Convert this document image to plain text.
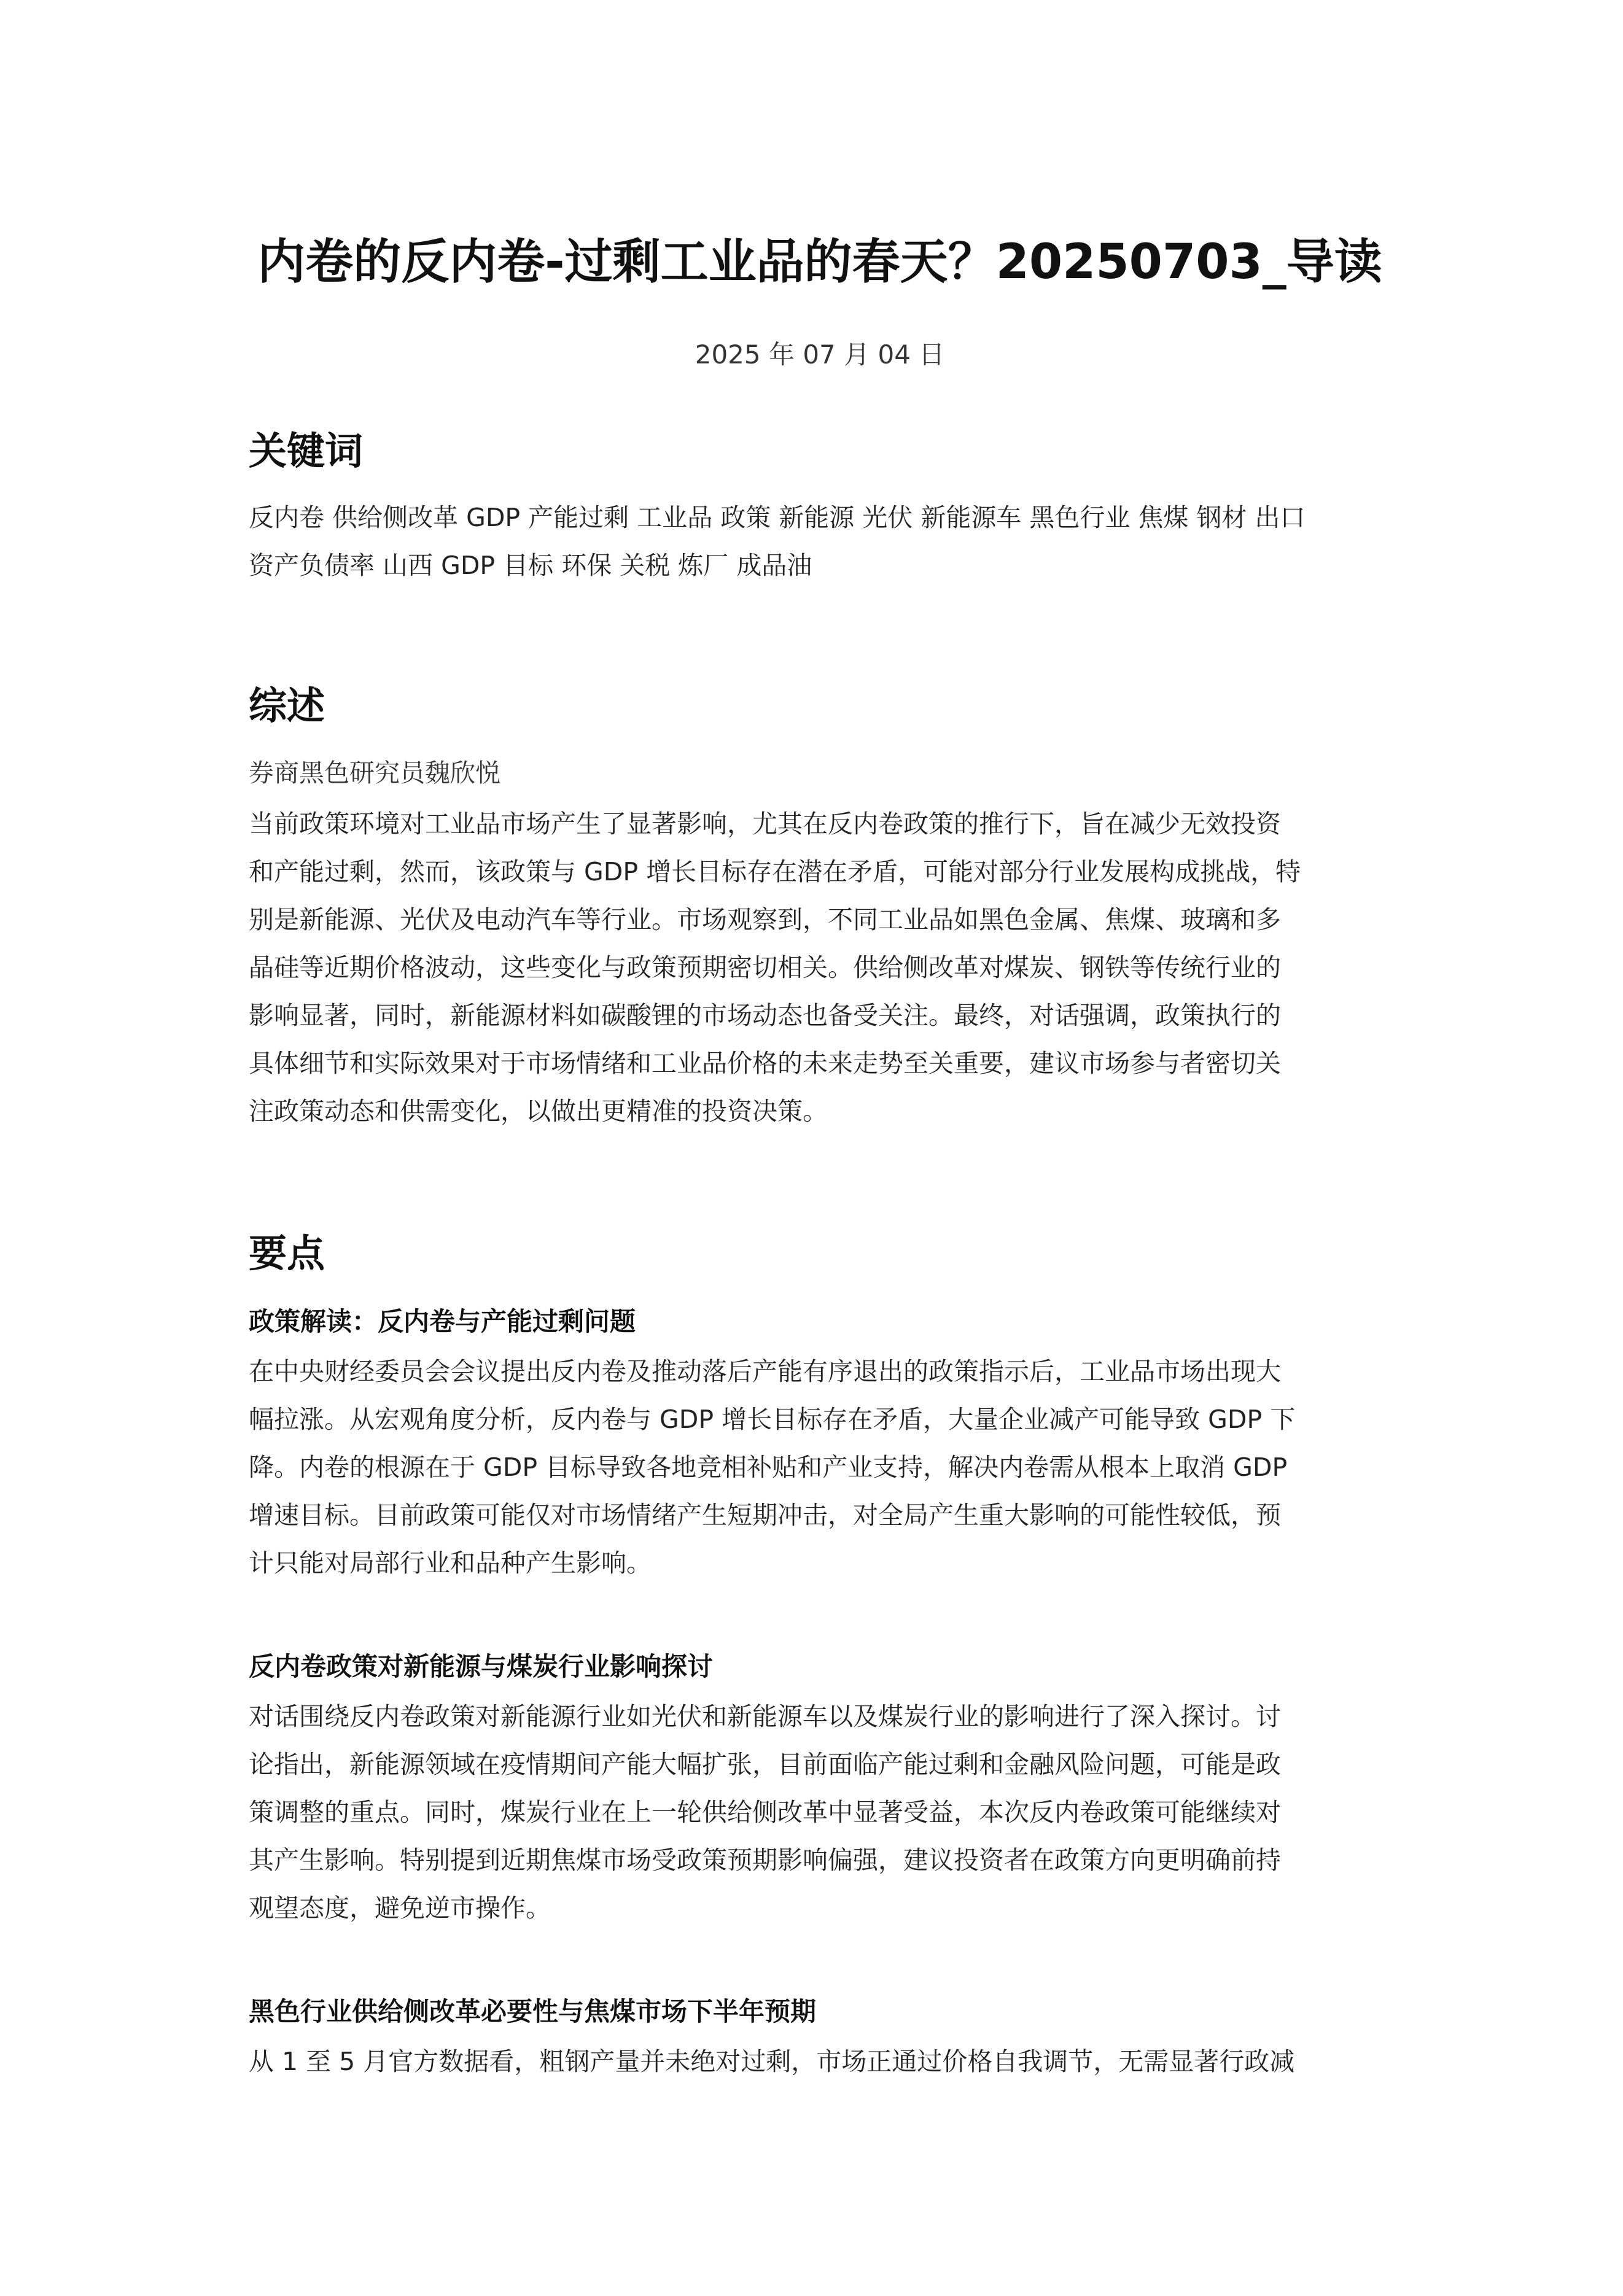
内卷的反内卷-过剩工业品的春天？20250703_导读
2025 年 07 月 04 日
关键词
反内卷 供给侧改革 GDP 产能过剩 工业品 政策 新能源 光伏 新能源车 黑色行业 焦煤 钢材 出口
资产负债率 山西 GDP 目标 环保 关税 炼厂 成品油
综述
券商黑色研究员魏欣悦
当前政策环境对工业品市场产生了显著影响，尤其在反内卷政策的推行下，旨在减少无效投资
和产能过剩，然而，该政策与 GDP 增长目标存在潜在矛盾，可能对部分行业发展构成挑战，特
别是新能源、光伏及电动汽车等行业。市场观察到，不同工业品如黑色金属、焦煤、玻璃和多
晶硅等近期价格波动，这些变化与政策预期密切相关。供给侧改革对煤炭、钢铁等传统行业的
影响显著，同时，新能源材料如碳酸锂的市场动态也备受关注。最终，对话强调，政策执行的
具体细节和实际效果对于市场情绪和工业品价格的未来走势至关重要，建议市场参与者密切关
注政策动态和供需变化，以做出更精准的投资决策。
要点
政策解读：反内卷与产能过剩问题
在中央财经委员会会议提出反内卷及推动落后产能有序退出的政策指示后，工业品市场出现大
幅拉涨。从宏观角度分析，反内卷与 GDP 增长目标存在矛盾，大量企业减产可能导致 GDP 下
降。内卷的根源在于 GDP 目标导致各地竞相补贴和产业支持，解决内卷需从根本上取消 GDP
增速目标。目前政策可能仅对市场情绪产生短期冲击，对全局产生重大影响的可能性较低，预
计只能对局部行业和品种产生影响。
反内卷政策对新能源与煤炭行业影响探讨
对话围绕反内卷政策对新能源行业如光伏和新能源车以及煤炭行业的影响进行了深入探讨。讨
论指出，新能源领域在疫情期间产能大幅扩张，目前面临产能过剩和金融风险问题，可能是政
策调整的重点。同时，煤炭行业在上一轮供给侧改革中显著受益，本次反内卷政策可能继续对
其产生影响。特别提到近期焦煤市场受政策预期影响偏强，建议投资者在政策方向更明确前持
观望态度，避免逆市操作。
黑色行业供给侧改革必要性与焦煤市场下半年预期
从 1 至 5 月官方数据看，粗钢产量并未绝对过剩，市场正通过价格自我调节，无需显著行政减
